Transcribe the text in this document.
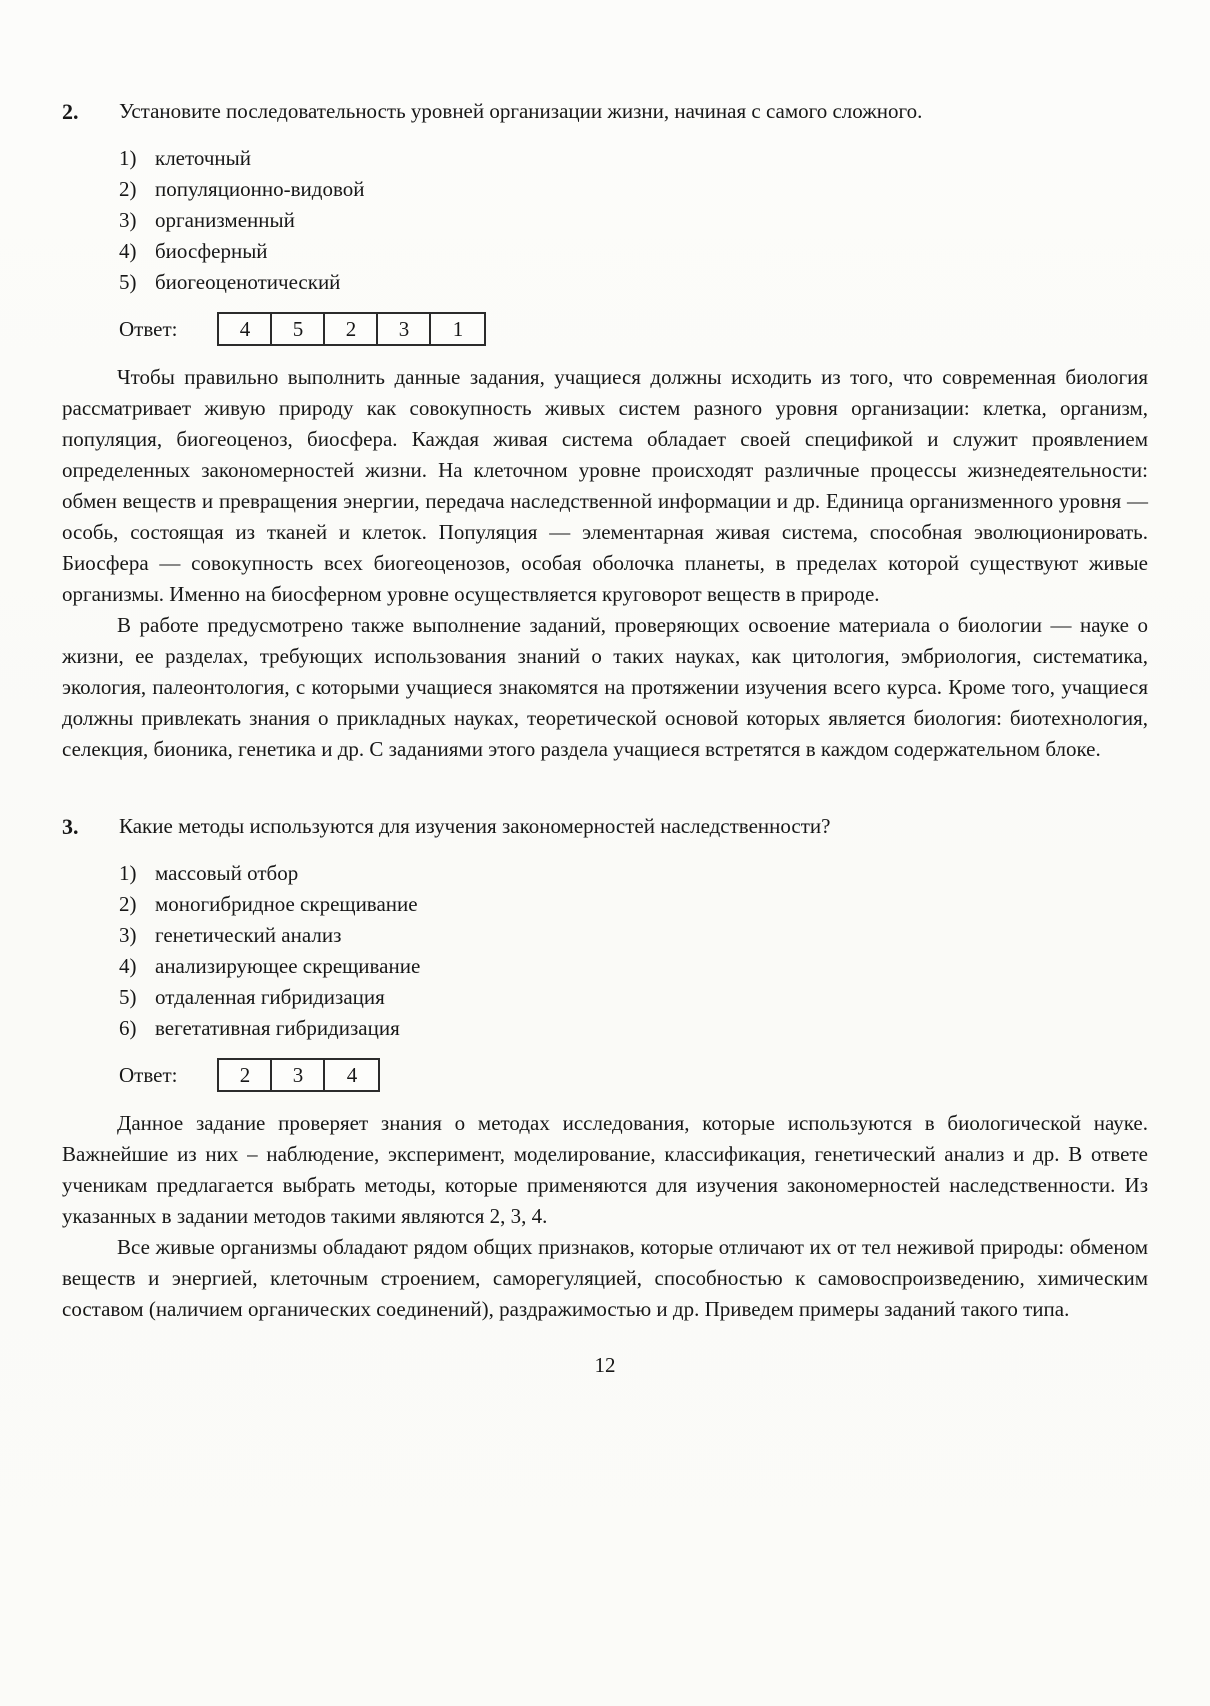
2.	Установите последовательность уровней организации жизни, начиная с самого сложного.
1) клеточный
2) популяционно-видовой
3) организменный
4) биосферный
5) биогеоценотический
Ответ:	4	5	2	3	1

Чтобы правильно выполнить данные задания, учащиеся должны исходить из того, что современная биология рассматривает живую природу как совокупность живых систем разного уровня организации: клетка, организм, популяция, биогеоценоз, биосфера. Каждая живая система обладает своей спецификой и служит проявлением определенных закономерностей жизни. На клеточном уровне происходят различные процессы жизнедеятельности: обмен веществ и превращения энергии, передача наследственной информации и др. Единица организменного уровня — особь, состоящая из тканей и клеток. Популяция — элементарная живая система, способная эволюционировать. Биосфера — совокупность всех биогеоценозов, особая оболочка планеты, в пределах которой существуют живые организмы. Именно на биосферном уровне осуществляется круговорот веществ в природе.

В работе предусмотрено также выполнение заданий, проверяющих освоение материала о биологии — науке о жизни, ее разделах, требующих использования знаний о таких науках, как цитология, эмбриология, систематика, экология, палеонтология, с которыми учащиеся знакомятся на протяжении изучения всего курса. Кроме того, учащиеся должны привлекать знания о прикладных науках, теоретической основой которых является биология: биотехнология, селекция, бионика, генетика и др. С заданиями этого раздела учащиеся встретятся в каждом содержательном блоке.

3.	Какие методы используются для изучения закономерностей наследственности?
1) массовый отбор
2) моногибридное скрещивание
3) генетический анализ
4) анализирующее скрещивание
5) отдаленная гибридизация
6) вегетативная гибридизация
Ответ:	2	3	4

Данное задание проверяет знания о методах исследования, которые используются в биологической науке. Важнейшие из них – наблюдение, эксперимент, моделирование, классификация, генетический анализ и др. В ответе ученикам предлагается выбрать методы, которые применяются для изучения закономерностей наследственности. Из указанных в задании методов такими являются 2, 3, 4.

Все живые организмы обладают рядом общих признаков, которые отличают их от тел неживой природы: обменом веществ и энергией, клеточным строением, саморегуляцией, способностью к самовоспроизведению, химическим составом (наличием органических соединений), раздражимостью и др. Приведем примеры заданий такого типа.

12
